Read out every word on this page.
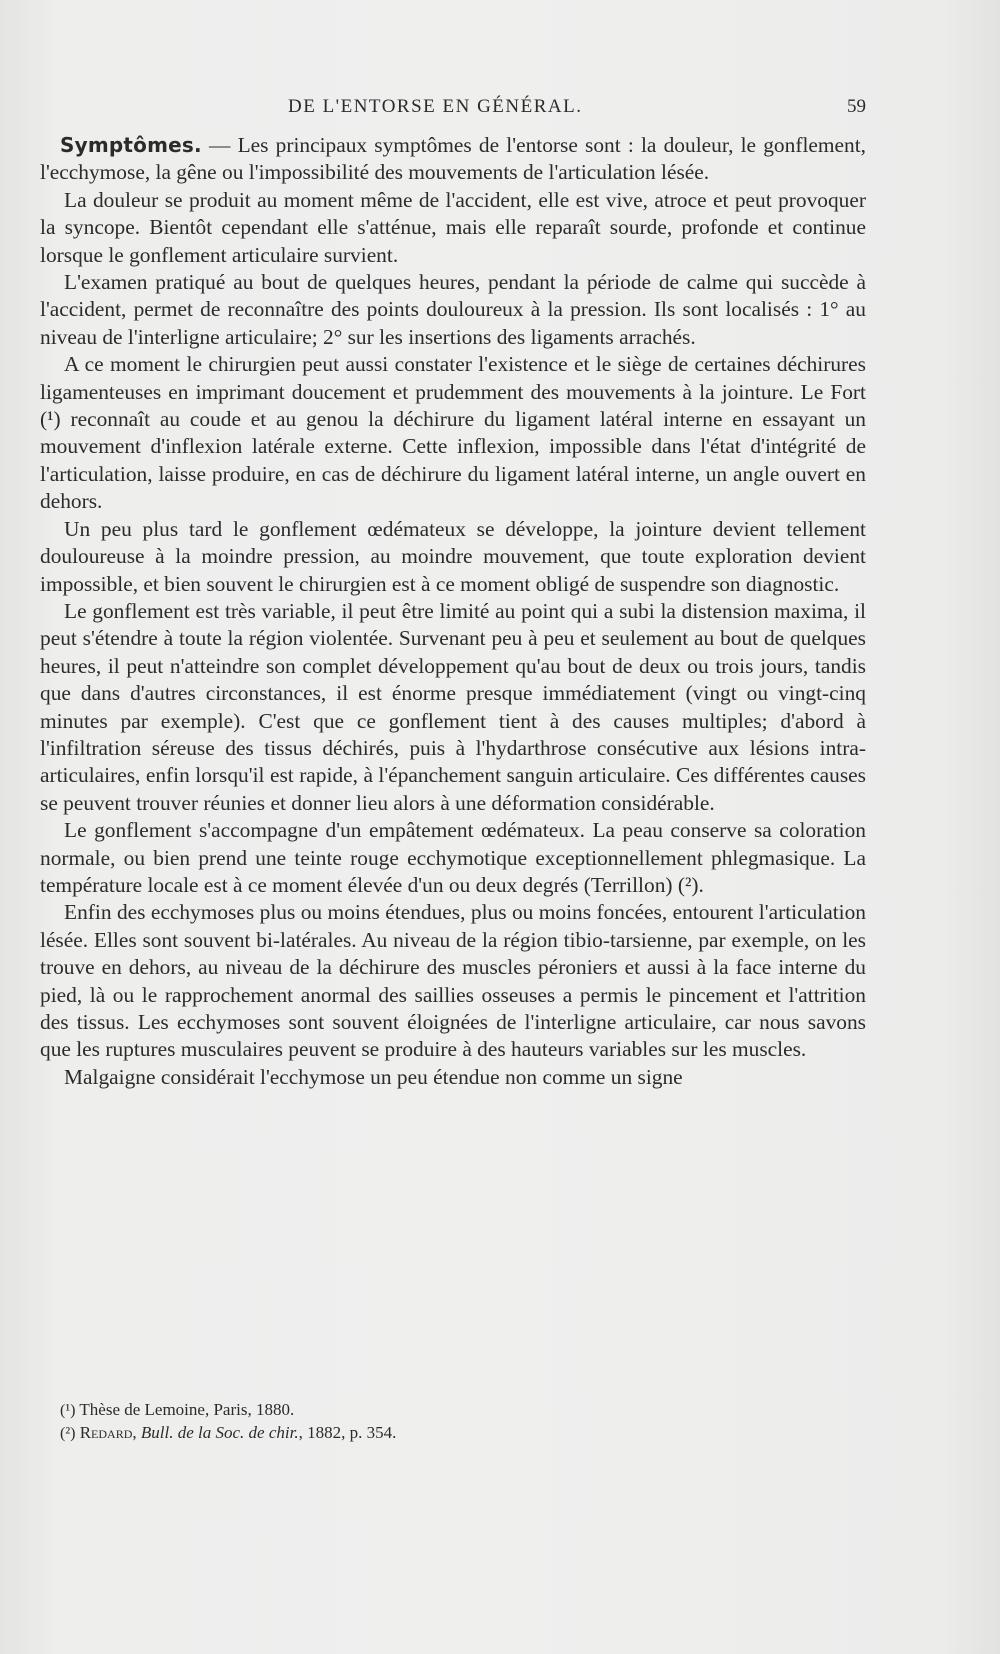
DE L'ENTORSE EN GÉNÉRAL.	59

Symptômes. — Les principaux symptômes de l'entorse sont : la douleur, le gonflement, l'ecchymose, la gêne ou l'impossibilité des mouvements de l'articulation lésée.

La douleur se produit au moment même de l'accident, elle est vive, atroce et peut provoquer la syncope. Bientôt cependant elle s'atténue, mais elle reparaît sourde, profonde et continue lorsque le gonflement articulaire survient.

L'examen pratiqué au bout de quelques heures, pendant la période de calme qui succède à l'accident, permet de reconnaître des points douloureux à la pression. Ils sont localisés : 1° au niveau de l'interligne articulaire; 2° sur les insertions des ligaments arrachés.

A ce moment le chirurgien peut aussi constater l'existence et le siège de certaines déchirures ligamenteuses en imprimant doucement et prudemment des mouvements à la jointure. Le Fort (¹) reconnaît au coude et au genou la déchirure du ligament latéral interne en essayant un mouvement d'inflexion latérale externe. Cette inflexion, impossible dans l'état d'intégrité de l'articulation, laisse produire, en cas de déchirure du ligament latéral interne, un angle ouvert en dehors.

Un peu plus tard le gonflement œdémateux se développe, la jointure devient tellement douloureuse à la moindre pression, au moindre mouvement, que toute exploration devient impossible, et bien souvent le chirurgien est à ce moment obligé de suspendre son diagnostic.

Le gonflement est très variable, il peut être limité au point qui a subi la distension maxima, il peut s'étendre à toute la région violentée. Survenant peu à peu et seulement au bout de quelques heures, il peut n'atteindre son complet développement qu'au bout de deux ou trois jours, tandis que dans d'autres circonstances, il est énorme presque immédiatement (vingt ou vingt-cinq minutes par exemple). C'est que ce gonflement tient à des causes multiples; d'abord à l'infiltration séreuse des tissus déchirés, puis à l'hydarthrose consécutive aux lésions intra-articulaires, enfin lorsqu'il est rapide, à l'épanchement sanguin articulaire. Ces différentes causes se peuvent trouver réunies et donner lieu alors à une déformation considérable.

Le gonflement s'accompagne d'un empâtement œdémateux. La peau conserve sa coloration normale, ou bien prend une teinte rouge ecchymotique exceptionnellement phlegmasique. La température locale est à ce moment élevée d'un ou deux degrés (Terrillon) (²).

Enfin des ecchymoses plus ou moins étendues, plus ou moins foncées, entourent l'articulation lésée. Elles sont souvent bi-latérales. Au niveau de la région tibio-tarsienne, par exemple, on les trouve en dehors, au niveau de la déchirure des muscles péroniers et aussi à la face interne du pied, là ou le rapprochement anormal des saillies osseuses a permis le pincement et l'attrition des tissus. Les ecchymoses sont souvent éloignées de l'interligne articulaire, car nous savons que les ruptures musculaires peuvent se produire à des hauteurs variables sur les muscles.

Malgaigne considérait l'ecchymose un peu étendue non comme un signe

(¹) Thèse de Lemoine, Paris, 1880.

(²) Redard, Bull. de la Soc. de chir., 1882, p. 354.
